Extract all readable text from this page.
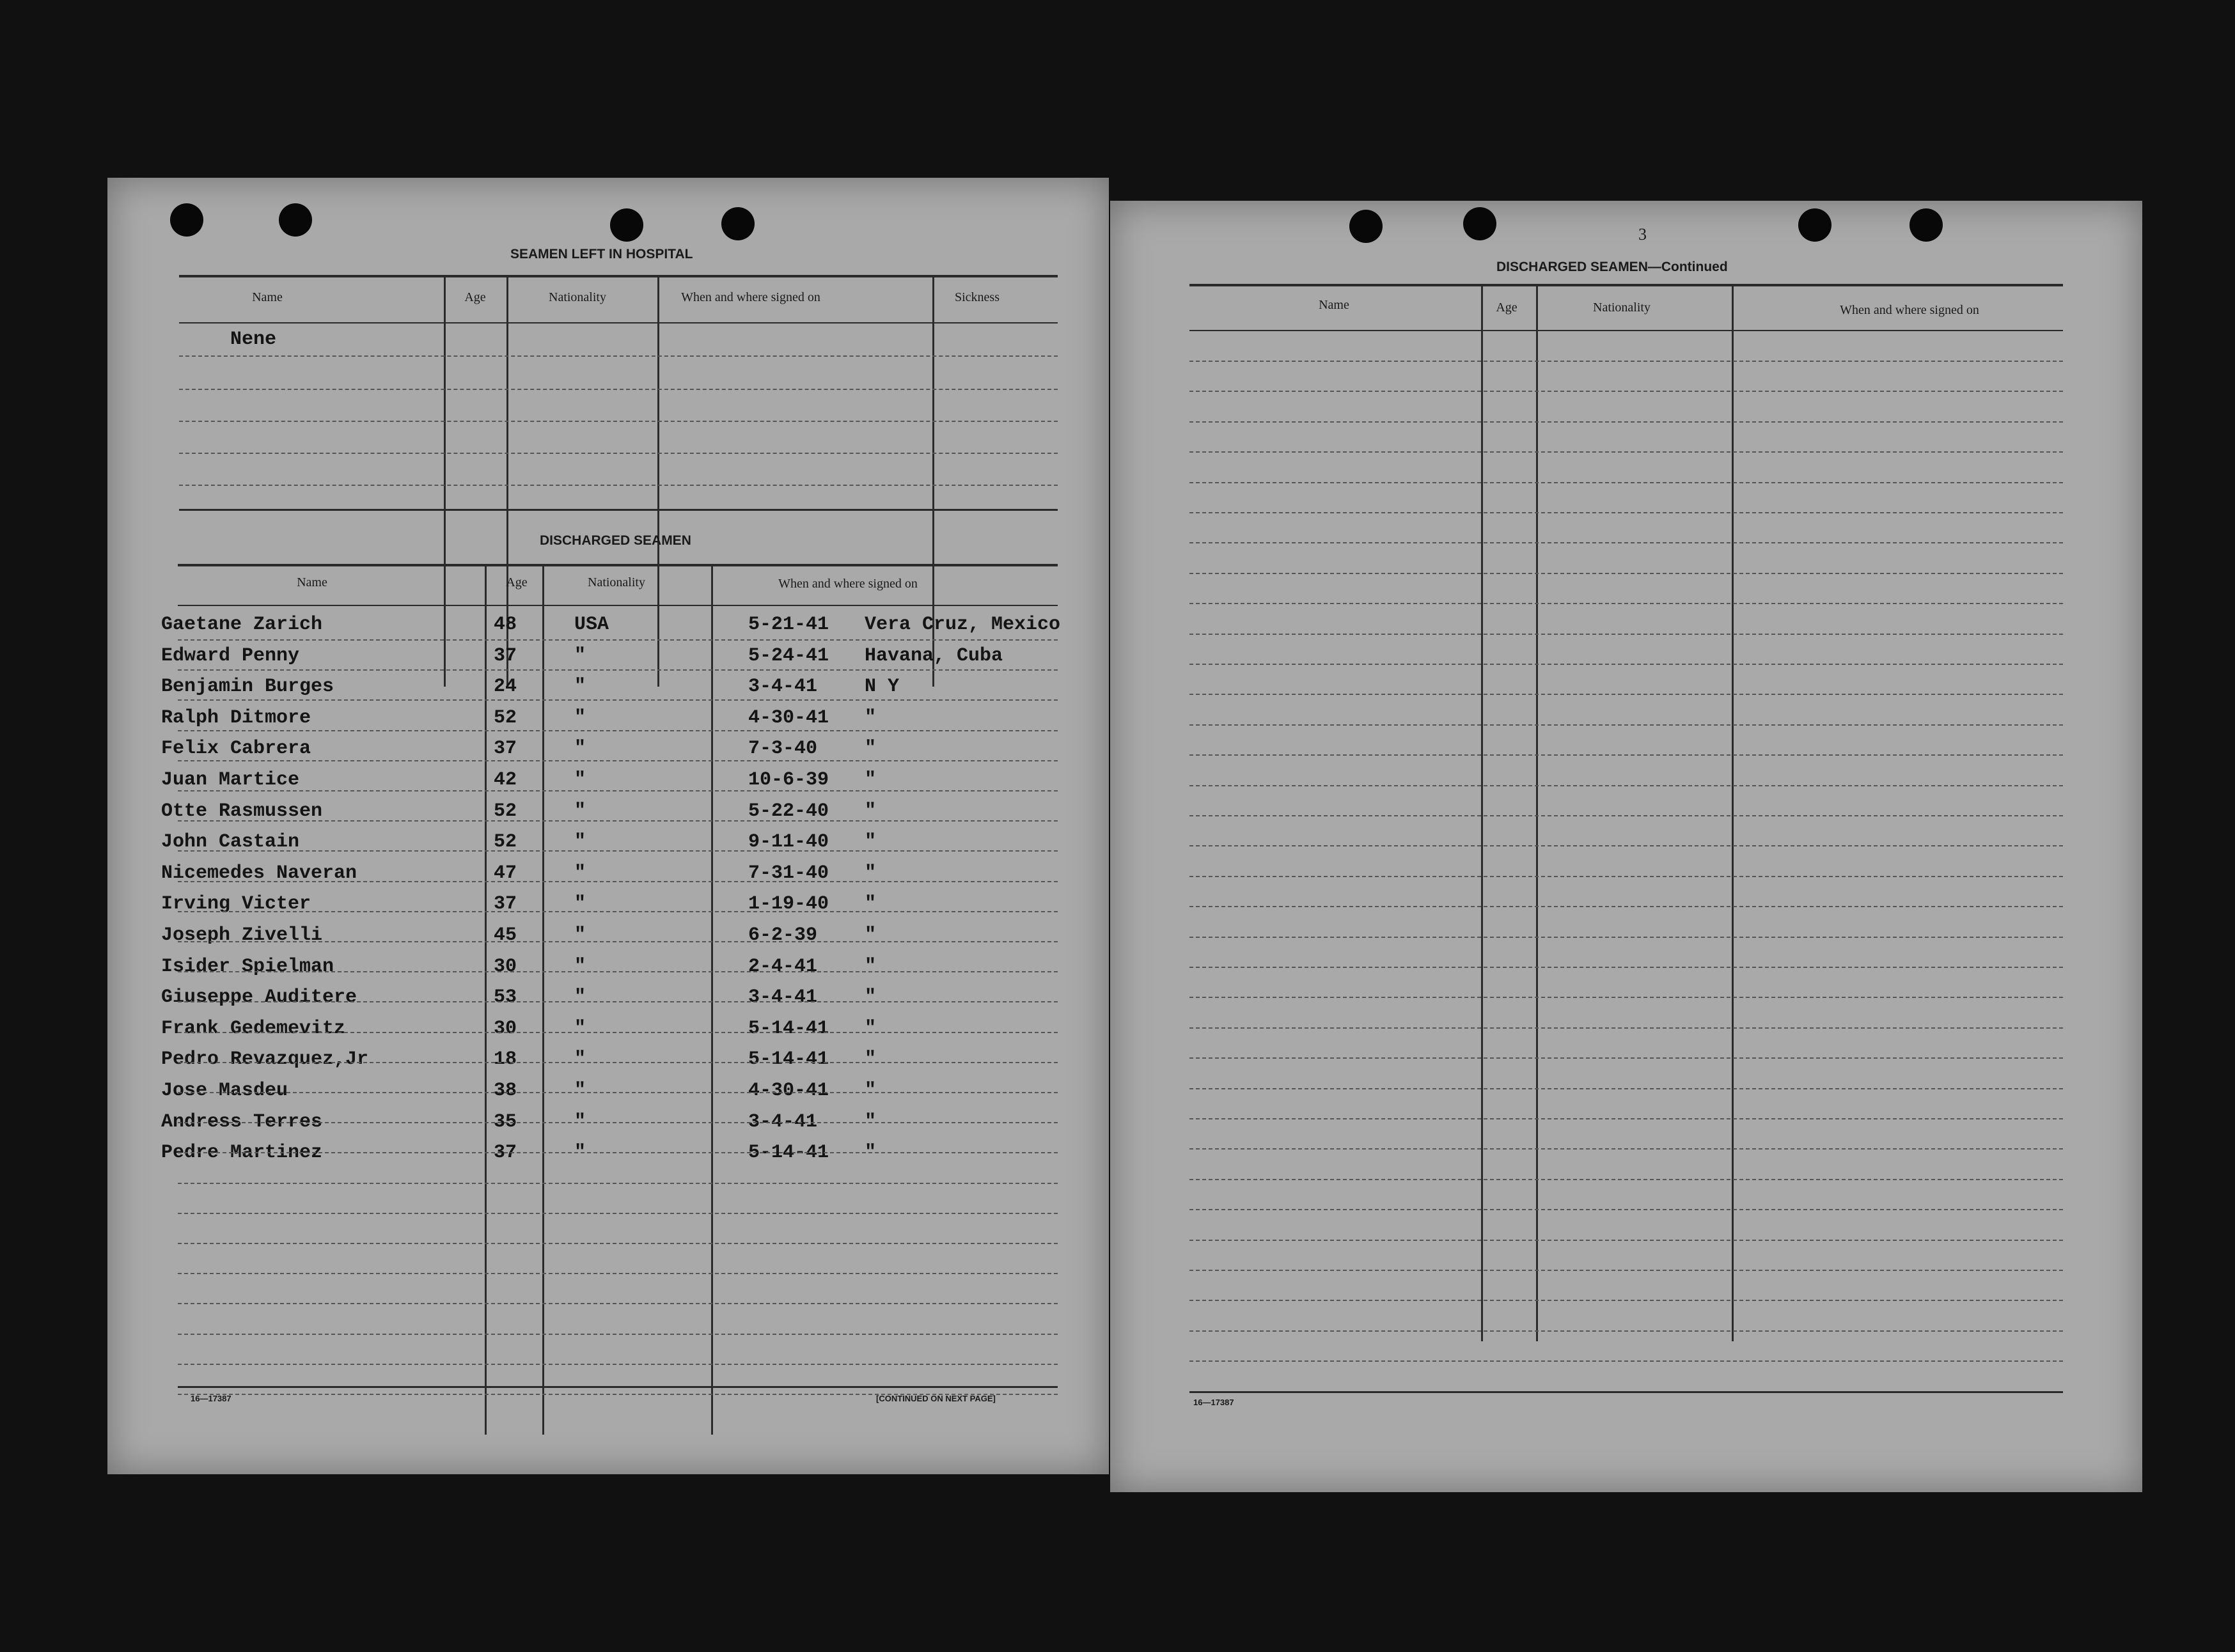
SEAMEN LEFT IN HOSPITAL
Name	Age	Nationality	When and where signed on	Sickness
Nene
DISCHARGED SEAMEN
Name	Age	Nationality	When and where signed on
Gaetane Zarich	48	USA	5-21-41 Vera Cruz, Mexico
Edward Penny	37	"	5-24-41 Havana, Cuba
Benjamin Burges	24	"	3-4-41 N Y
Ralph Ditmore	52	"	4-30-41 "
Felix Cabrera	37	"	7-3-40 "
Juan Martice	42	"	10-6-39 "
Otte Rasmussen	52	"	5-22-40 "
John Castain	52	"	9-11-40 "
Nicemedes Naveran	47	"	7-31-40 "
Irving Victer	37	"	1-19-40 "
Joseph Zivelli	45	"	6-2-39 "
Isider Spielman	30	"	2-4-41 "
Giuseppe Auditere	53	"	3-4-41 "
Frank Gedemevitz	30	"	5-14-41 "
Pedro Revazquez,Jr	18	"	5-14-41 "
Jose Masdeu	38	"	4-30-41 "
Andress Terres	35	"	3-4-41 "
Pedre Martinez	37	"	5-14-41 "
16—17387	[CONTINUED ON NEXT PAGE]
3
DISCHARGED SEAMEN—Continued
Name	Age	Nationality	When and where signed on
16—17387
